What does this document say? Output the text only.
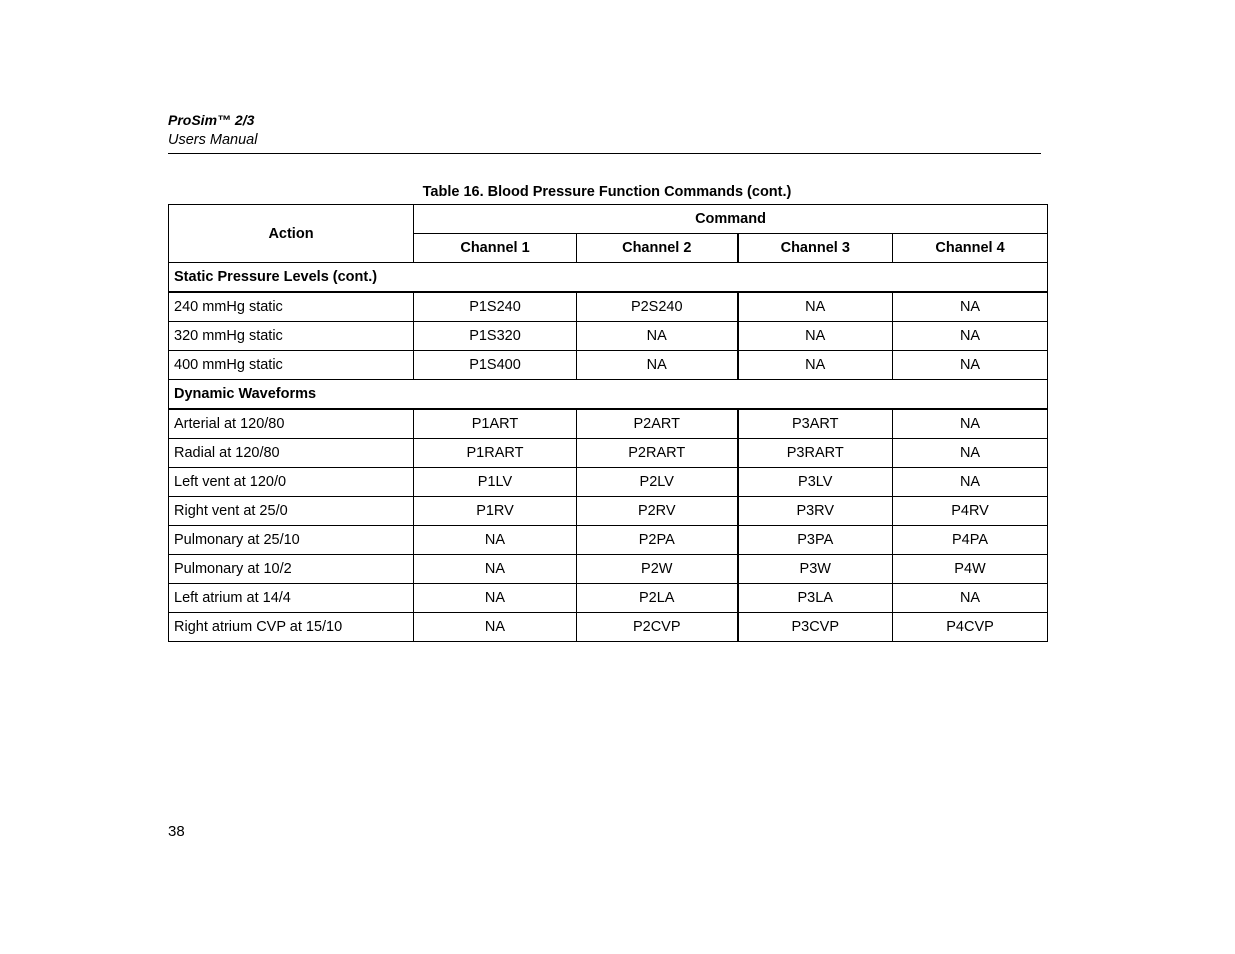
ProSim™ 2/3
Users Manual
Table 16. Blood Pressure Function Commands (cont.)
Action	Command			
	Channel 1	Channel 2	Channel 3	Channel 4
Static Pressure Levels (cont.)				
240 mmHg static	P1S240	P2S240	NA	NA
320 mmHg static	P1S320	NA	NA	NA
400 mmHg static	P1S400	NA	NA	NA
Dynamic Waveforms				
Arterial at 120/80	P1ART	P2ART	P3ART	NA
Radial at 120/80	P1RART	P2RART	P3RART	NA
Left vent at 120/0	P1LV	P2LV	P3LV	NA
Right vent at 25/0	P1RV	P2RV	P3RV	P4RV
Pulmonary at 25/10	NA	P2PA	P3PA	P4PA
Pulmonary at 10/2	NA	P2W	P3W	P4W
Left atrium at 14/4	NA	P2LA	P3LA	NA
Right atrium CVP at 15/10	NA	P2CVP	P3CVP	P4CVP
38
